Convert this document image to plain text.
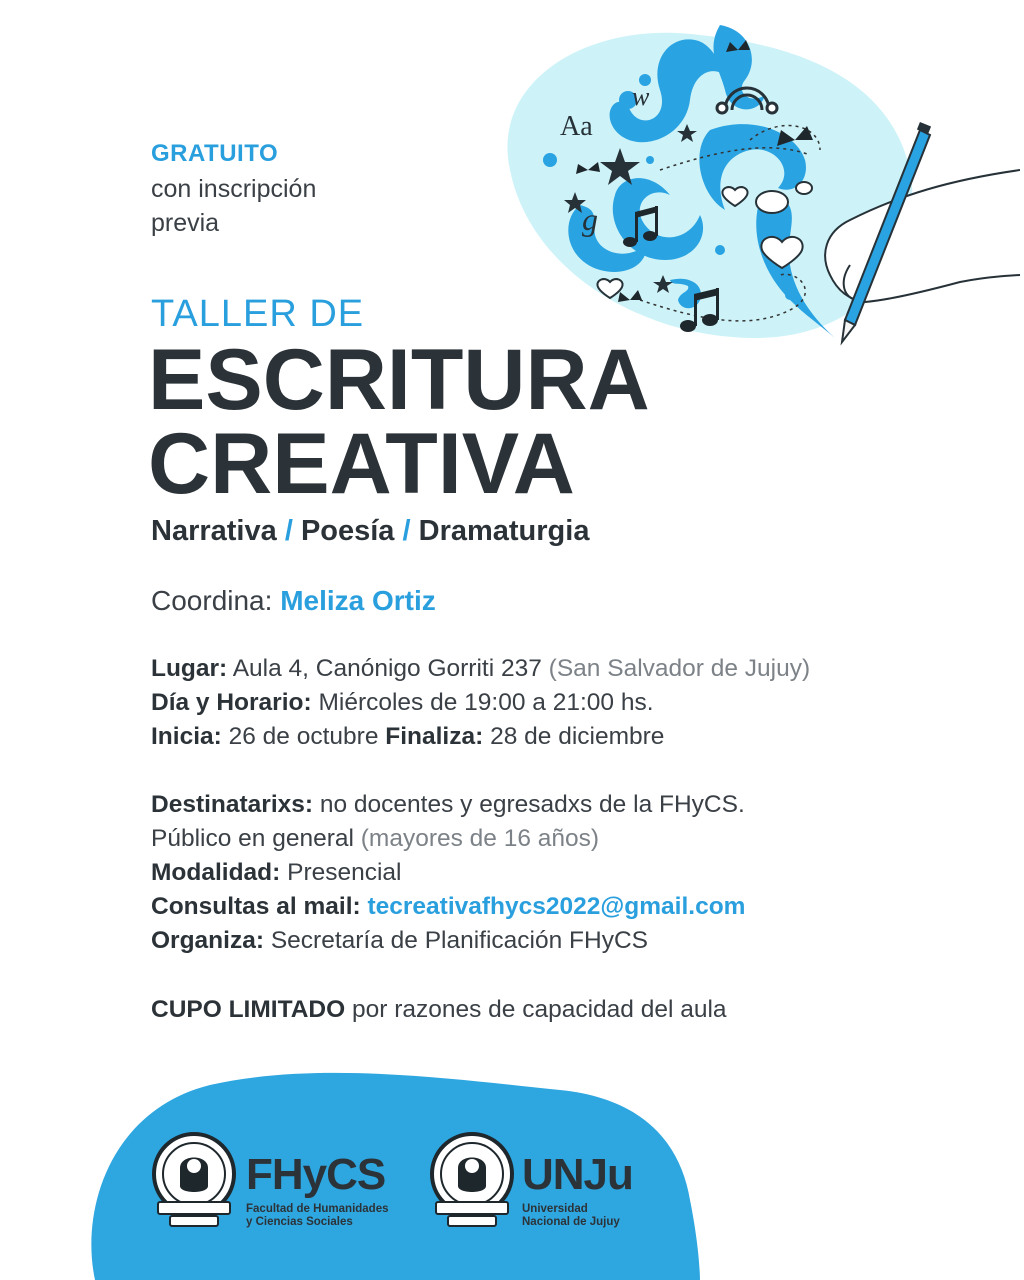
Aa
w
g
GRATUITO
con inscripción
previa
TALLER DE
ESCRITURA
CREATIVA
Narrativa / Poesía / Dramaturgia
Coordina: Meliza Ortiz
Lugar: Aula 4, Canónigo Gorriti 237 (San Salvador de Jujuy)
Día y Horario: Miércoles de 19:00 a 21:00 hs.
Inicia: 26 de octubre Finaliza: 28 de diciembre
Destinatarixs: no docentes y egresadxs de la FHyCS.
Público en general (mayores de 16 años)
Modalidad: Presencial
Consultas al mail: tecreativafhycs2022@gmail.com
Organiza: Secretaría de Planificación FHyCS
CUPO LIMITADO por razones de capacidad del aula
FHyCS
Facultad de Humanidades
y Ciencias Sociales
UNJu
Universidad
Nacional de Jujuy
